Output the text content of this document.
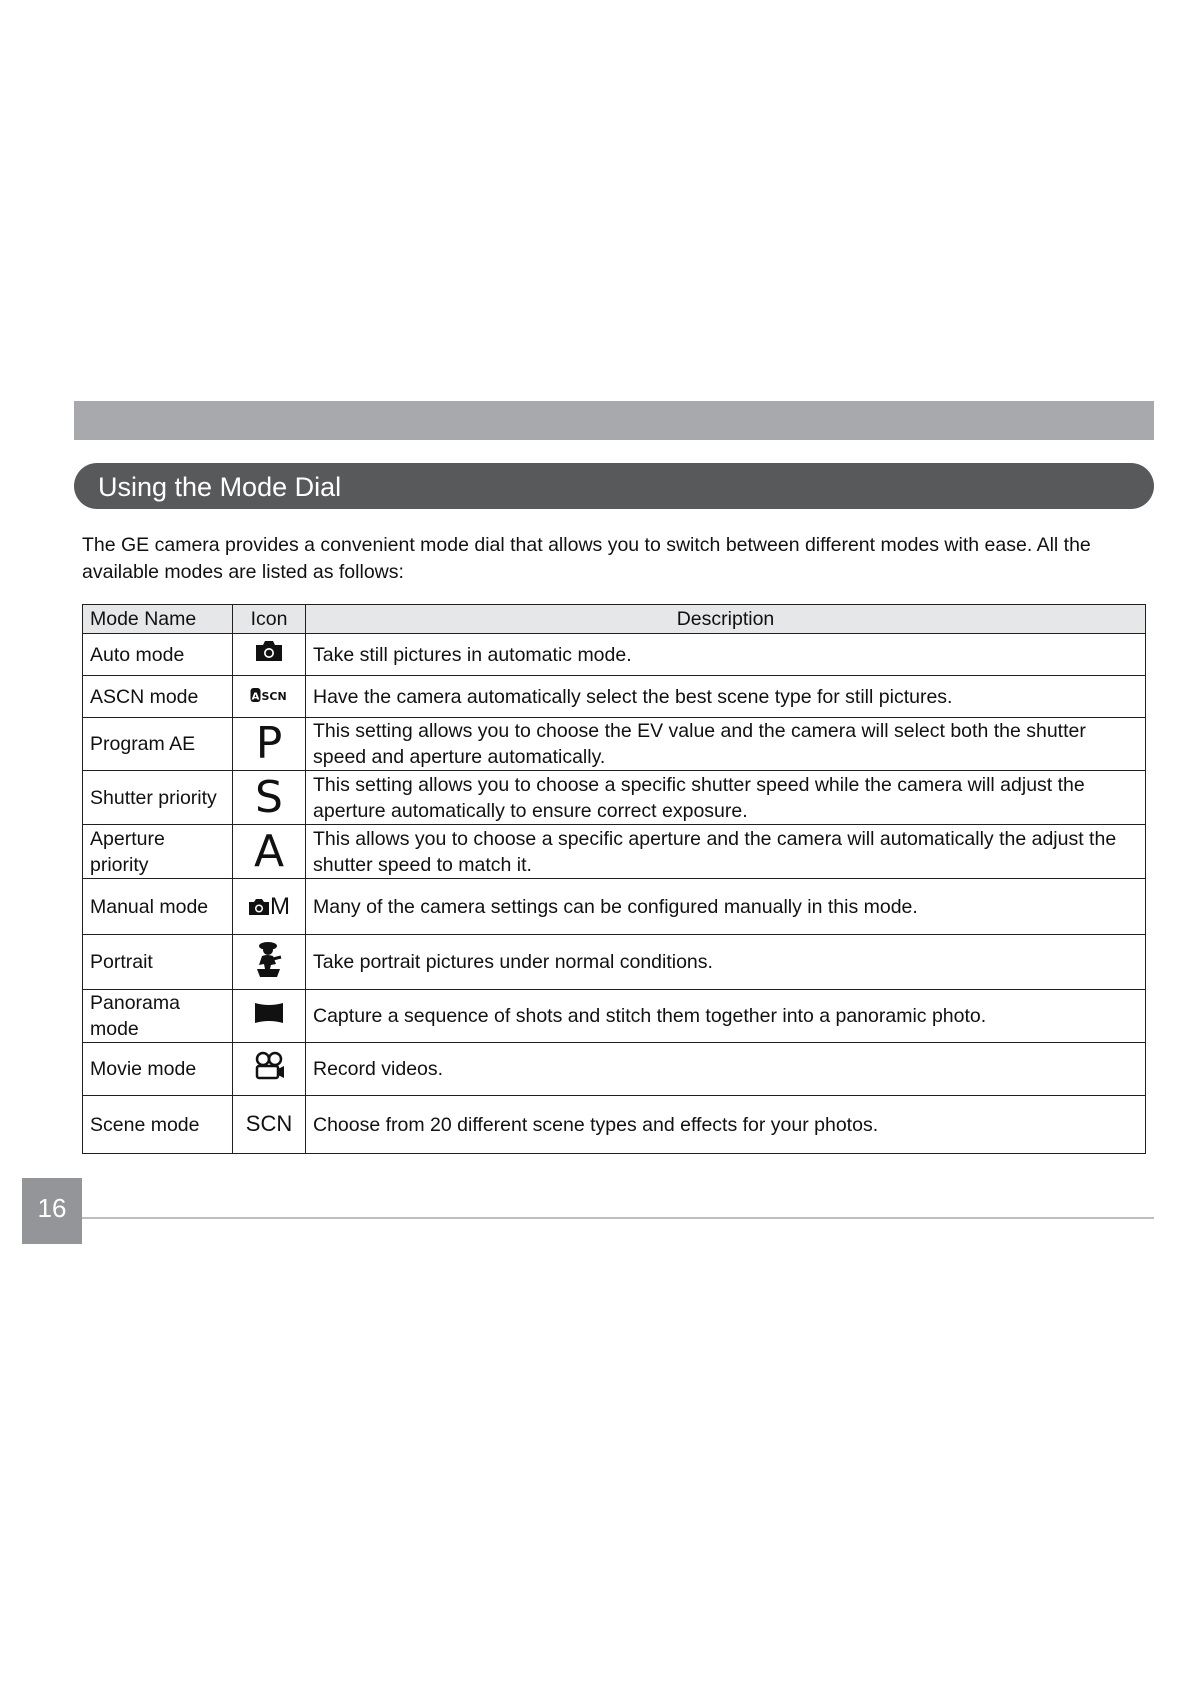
Using the Mode Dial
The GE camera provides a convenient mode dial that allows you to switch between different modes with ease. All the available modes are listed as follows:
Mode Name	Icon	Description
Auto mode		Take still pictures in automatic mode.
ASCN mode	A SCN	Have the camera automatically select the best scene type for still pictures.
Program AE	P	This setting allows you to choose the EV value and the camera will select both the shutter speed and aperture automatically.
Shutter priority	S	This setting allows you to choose a specific shutter speed while the camera will adjust the aperture automatically to ensure correct exposure.
Aperture priority	A	This allows you to choose a specific aperture and the camera will automatically the adjust the shutter speed to match it.
Manual mode	M	Many of the camera settings can be configured manually in this mode.
Portrait		Take portrait pictures under normal conditions.
Panorama mode		Capture a sequence of shots and stitch them together into a panoramic photo.
Movie mode		Record videos.
Scene mode	SCN	Choose from 20 different scene types and effects for your photos.
16
